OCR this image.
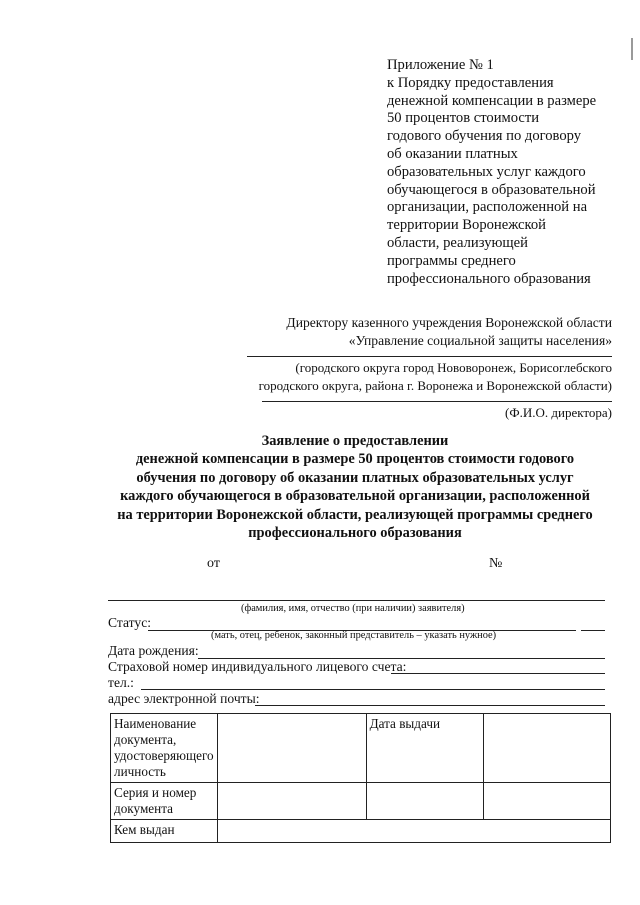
Приложение № 1
к Порядку предоставления
денежной компенсации в размере
50 процентов стоимости
годового обучения по договору
об оказании платных
образовательных услуг каждого
обучающегося в образовательной
организации, расположенной на
территории Воронежской
области, реализующей
программы среднего
профессионального образования
Директору казенного учреждения Воронежской области
«Управление социальной защиты населения»
(городского округа город Нововоронеж, Борисоглебского
городского округа, района г. Воронежа и Воронежской области)
(Ф.И.О. директора)
Заявление о предоставлении
денежной компенсации в размере 50 процентов стоимости годового
обучения по договору об оказании платных образовательных услуг
каждого обучающегося в образовательной организации, расположенной
на территории Воронежской области, реализующей программы среднего
профессионального образования
от	№
(фамилия, имя, отчество (при наличии) заявителя)
Статус:
(мать, отец, ребенок, законный представитель – указать нужное)
Дата рождения:
Страховой номер индивидуального лицевого счета:
тел.:
адрес электронной почты:
Наименование документа, удостоверяющего личность		Дата выдачи	
Серия и номер документа			
Кем выдан			
